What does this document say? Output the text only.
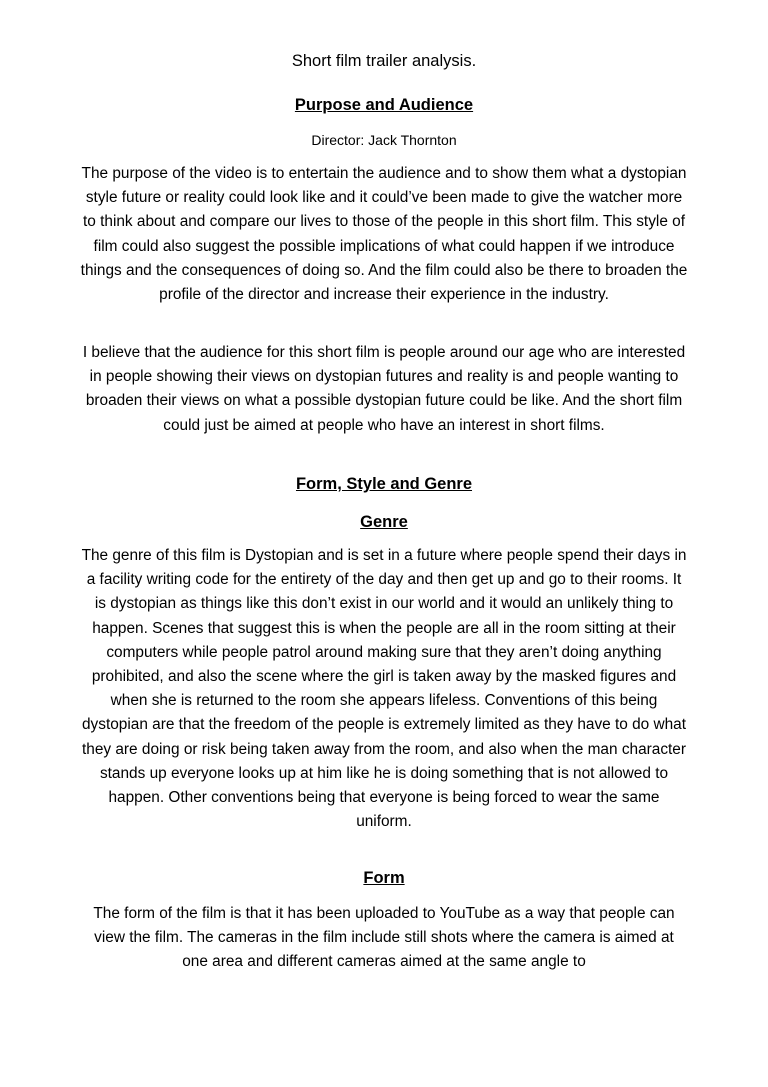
Short film trailer analysis.
Purpose and Audience
Director: Jack Thornton

The purpose of the video is to entertain the audience and to show them what a dystopian style future or reality could look like and it could’ve been made to give the watcher more to think about and compare our lives to those of the people in this short film. This style of film could also suggest the possible implications of what could happen if we introduce things and the consequences of doing so. And the film could also be there to broaden the profile of the director and increase their experience in the industry.

I believe that the audience for this short film is people around our age who are interested in people showing their views on dystopian futures and reality is and people wanting to broaden their views on what a possible dystopian future could be like. And the short film could just be aimed at people who have an interest in short films.

Form, Style and Genre
Genre

The genre of this film is Dystopian and is set in a future where people spend their days in a facility writing code for the entirety of the day and then get up and go to their rooms. It is dystopian as things like this don’t exist in our world and it would an unlikely thing to happen. Scenes that suggest this is when the people are all in the room sitting at their computers while people patrol around making sure that they aren’t doing anything prohibited, and also the scene where the girl is taken away by the masked figures and when she is returned to the room she appears lifeless. Conventions of this being dystopian are that the freedom of the people is extremely limited as they have to do what they are doing or risk being taken away from the room, and also when the man character stands up everyone looks up at him like he is doing something that is not allowed to happen. Other conventions being that everyone is being forced to wear the same uniform.

Form

The form of the film is that it has been uploaded to YouTube as a way that people can view the film. The cameras in the film include still shots where the camera is aimed at one area and different cameras aimed at the same angle to
